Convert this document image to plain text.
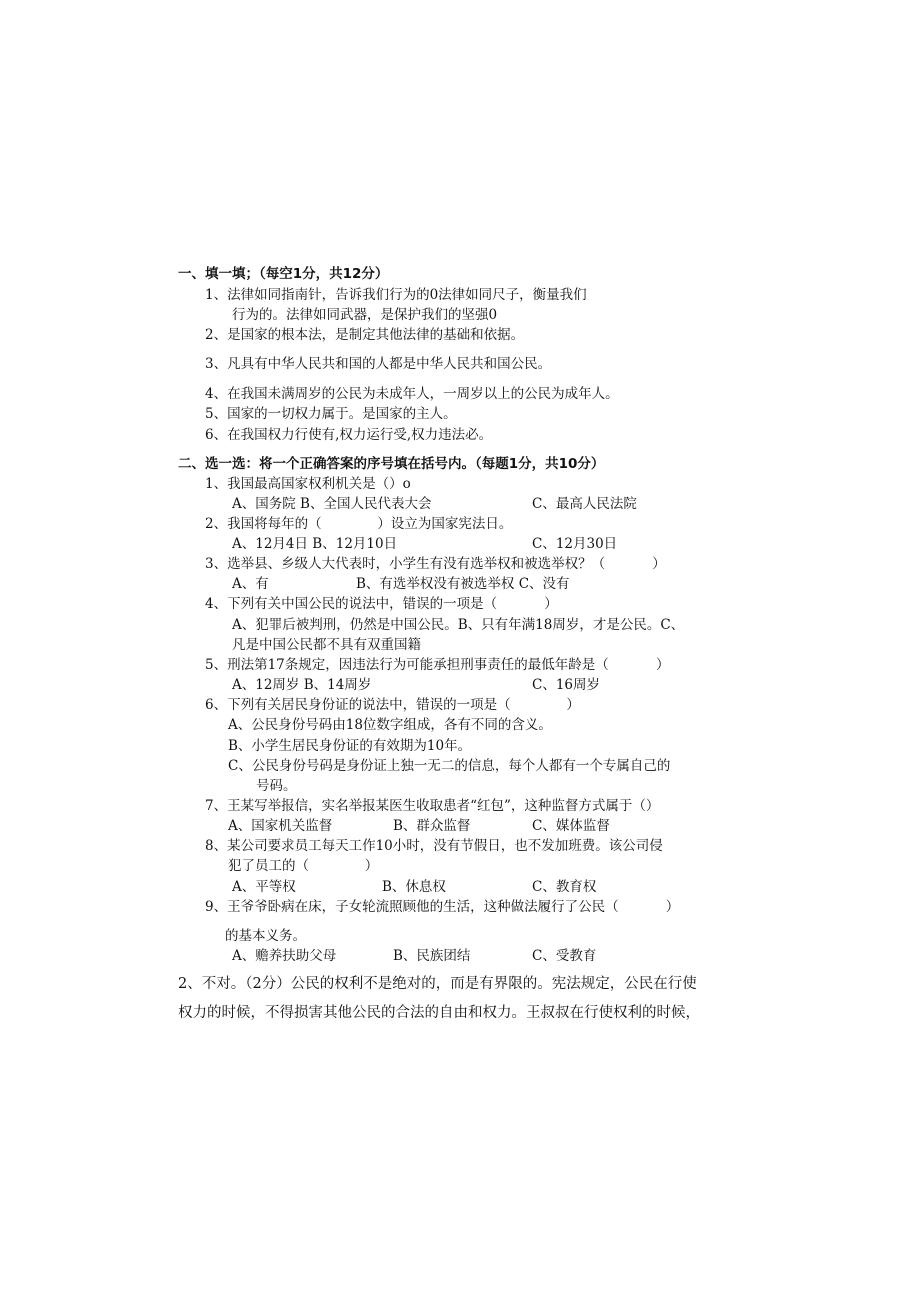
一、填一填；（每空1分，共12分）
1、法律如同指南针，告诉我们行为的0法律如同尺子，衡量我们
行为的。法律如同武器，是保护我们的坚强0
2、是国家的根本法，是制定其他法律的基础和依据。
3、凡具有中华人民共和国的人都是中华人民共和国公民。
4、在我国未满周岁的公民为未成年人，一周岁以上的公民为成年人。
5、国家的一切权力属于。是国家的主人。
6、在我国权力行使有,权力运行受,权力违法必。
二、选一选：将一个正确答案的序号填在括号内。（每题1分，共10分）
1、我国最高国家权利机关是（）o
A、国务院 B、全国人民代表大会	C、最高人民法院
2、我国将每年的（             ）设立为国家宪法日。
A、12月4日 B、12月10日	C、12月30日
3、选举县、乡级人大代表时，小学生有没有选举权和被选举权？（           ）
A、有	B、有选举权没有被选举权 C、没有
4、下列有关中国公民的说法中，错误的一项是（           ）
A、犯罪后被判刑，仍然是中国公民。B、只有年满18周岁，才是公民。C、
凡是中国公民都不具有双重国籍
5、刑法第17条规定，因违法行为可能承担刑事责任的最低年龄是（           ）
A、12周岁 B、14周岁	C、16周岁
6、下列有关居民身份证的说法中，错误的一项是（             ）
A、公民身份号码由18位数字组成，各有不同的含义。
B、小学生居民身份证的有效期为10年。
C、公民身份号码是身份证上独一无二的信息，每个人都有一个专属自己的
号码。
7、王某写举报信，实名举报某医生收取患者“红包”，这种监督方式属于（）
A、国家机关监督	B、群众监督	C、媒体监督
8、某公司要求员工每天工作10小时，没有节假日，也不发加班费。该公司侵
犯了员工的（             ）
A、平等权	B、休息权	C、教育权
9、王爷爷卧病在床，子女轮流照顾他的生活，这种做法履行了公民（           ）
的基本义务。
A、赡养扶助父母	B、民族团结	C、受教育
2、不对。（2分）公民的权利不是绝对的，而是有界限的。宪法规定，公民在行使
权力的时候，不得损害其他公民的合法的自由和权力。王叔叔在行使权利的时候，
